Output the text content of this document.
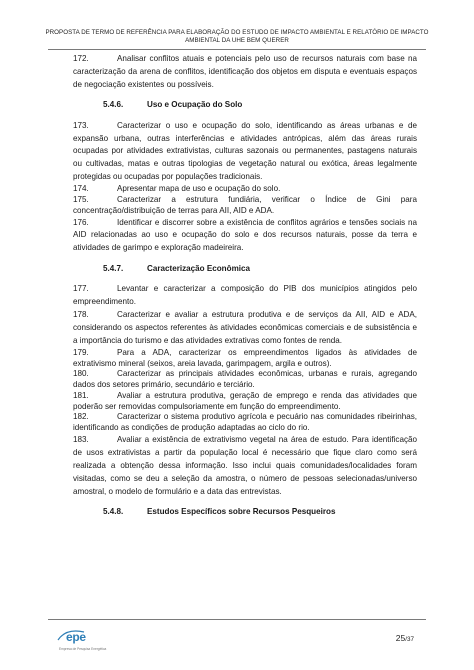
PROPOSTA DE TERMO DE REFERÊNCIA PARA ELABORAÇÃO DO ESTUDO DE IMPACTO AMBIENTAL E RELATÓRIO DE IMPACTO
AMBIENTAL DA UHE BEM QUERER

172.	Analisar conflitos atuais e potenciais pelo uso de recursos naturais com base na caracterização da arena de conflitos, identificação dos objetos em disputa e eventuais espaços de negociação existentes ou possíveis.

5.4.6.	Uso e Ocupação do Solo

173.	Caracterizar o uso e ocupação do solo, identificando as áreas urbanas e de expansão urbana, outras interferências e atividades antrópicas, além das áreas rurais ocupadas por atividades extrativistas, culturas sazonais ou permanentes, pastagens naturais ou cultivadas, matas e outras tipologias de vegetação natural ou exótica, áreas legalmente protegidas ou ocupadas por populações tradicionais.

174.	Apresentar mapa de uso e ocupação do solo.

175.	Caracterizar a estrutura fundiária, verificar o Índice de Gini para concentração/distribuição de terras para AII, AID e ADA.

176.	Identificar e discorrer sobre a existência de conflitos agrários e tensões sociais na AID relacionadas ao uso e ocupação do solo e dos recursos naturais, posse da terra e atividades de garimpo e exploração madeireira.

5.4.7.	Caracterização Econômica

177.	Levantar e caracterizar a composição do PIB dos municípios atingidos pelo empreendimento.

178.	Caracterizar e avaliar a estrutura produtiva e de serviços da AII, AID e ADA, considerando os aspectos referentes às atividades econômicas comerciais e de subsistência e a importância do turismo e das atividades extrativas como fontes de renda.

179.	Para a ADA, caracterizar os empreendimentos ligados às atividades de extrativismo mineral (seixos, areia lavada, garimpagem, argila e outros).

180.	Caracterizar as principais atividades econômicas, urbanas e rurais, agregando dados dos setores primário, secundário e terciário.

181.	Avaliar a estrutura produtiva, geração de emprego e renda das atividades que poderão ser removidas compulsoriamente em função do empreendimento.

182.	Caracterizar o sistema produtivo agrícola e pecuário nas comunidades ribeirinhas, identificando as condições de produção adaptadas ao ciclo do rio.

183.	Avaliar a existência de extrativismo vegetal na área de estudo. Para identificação de usos extrativistas a partir da população local é necessário que fique claro como será realizada a obtenção dessa informação. Isso inclui quais comunidades/localidades foram visitadas, como se deu a seleção da amostra, o número de pessoas selecionadas/universo amostral, o modelo de formulário e a data das entrevistas.

5.4.8.	Estudos Específicos sobre Recursos Pesqueiros
epe
Empresa de Pesquisa Energética
25/37
